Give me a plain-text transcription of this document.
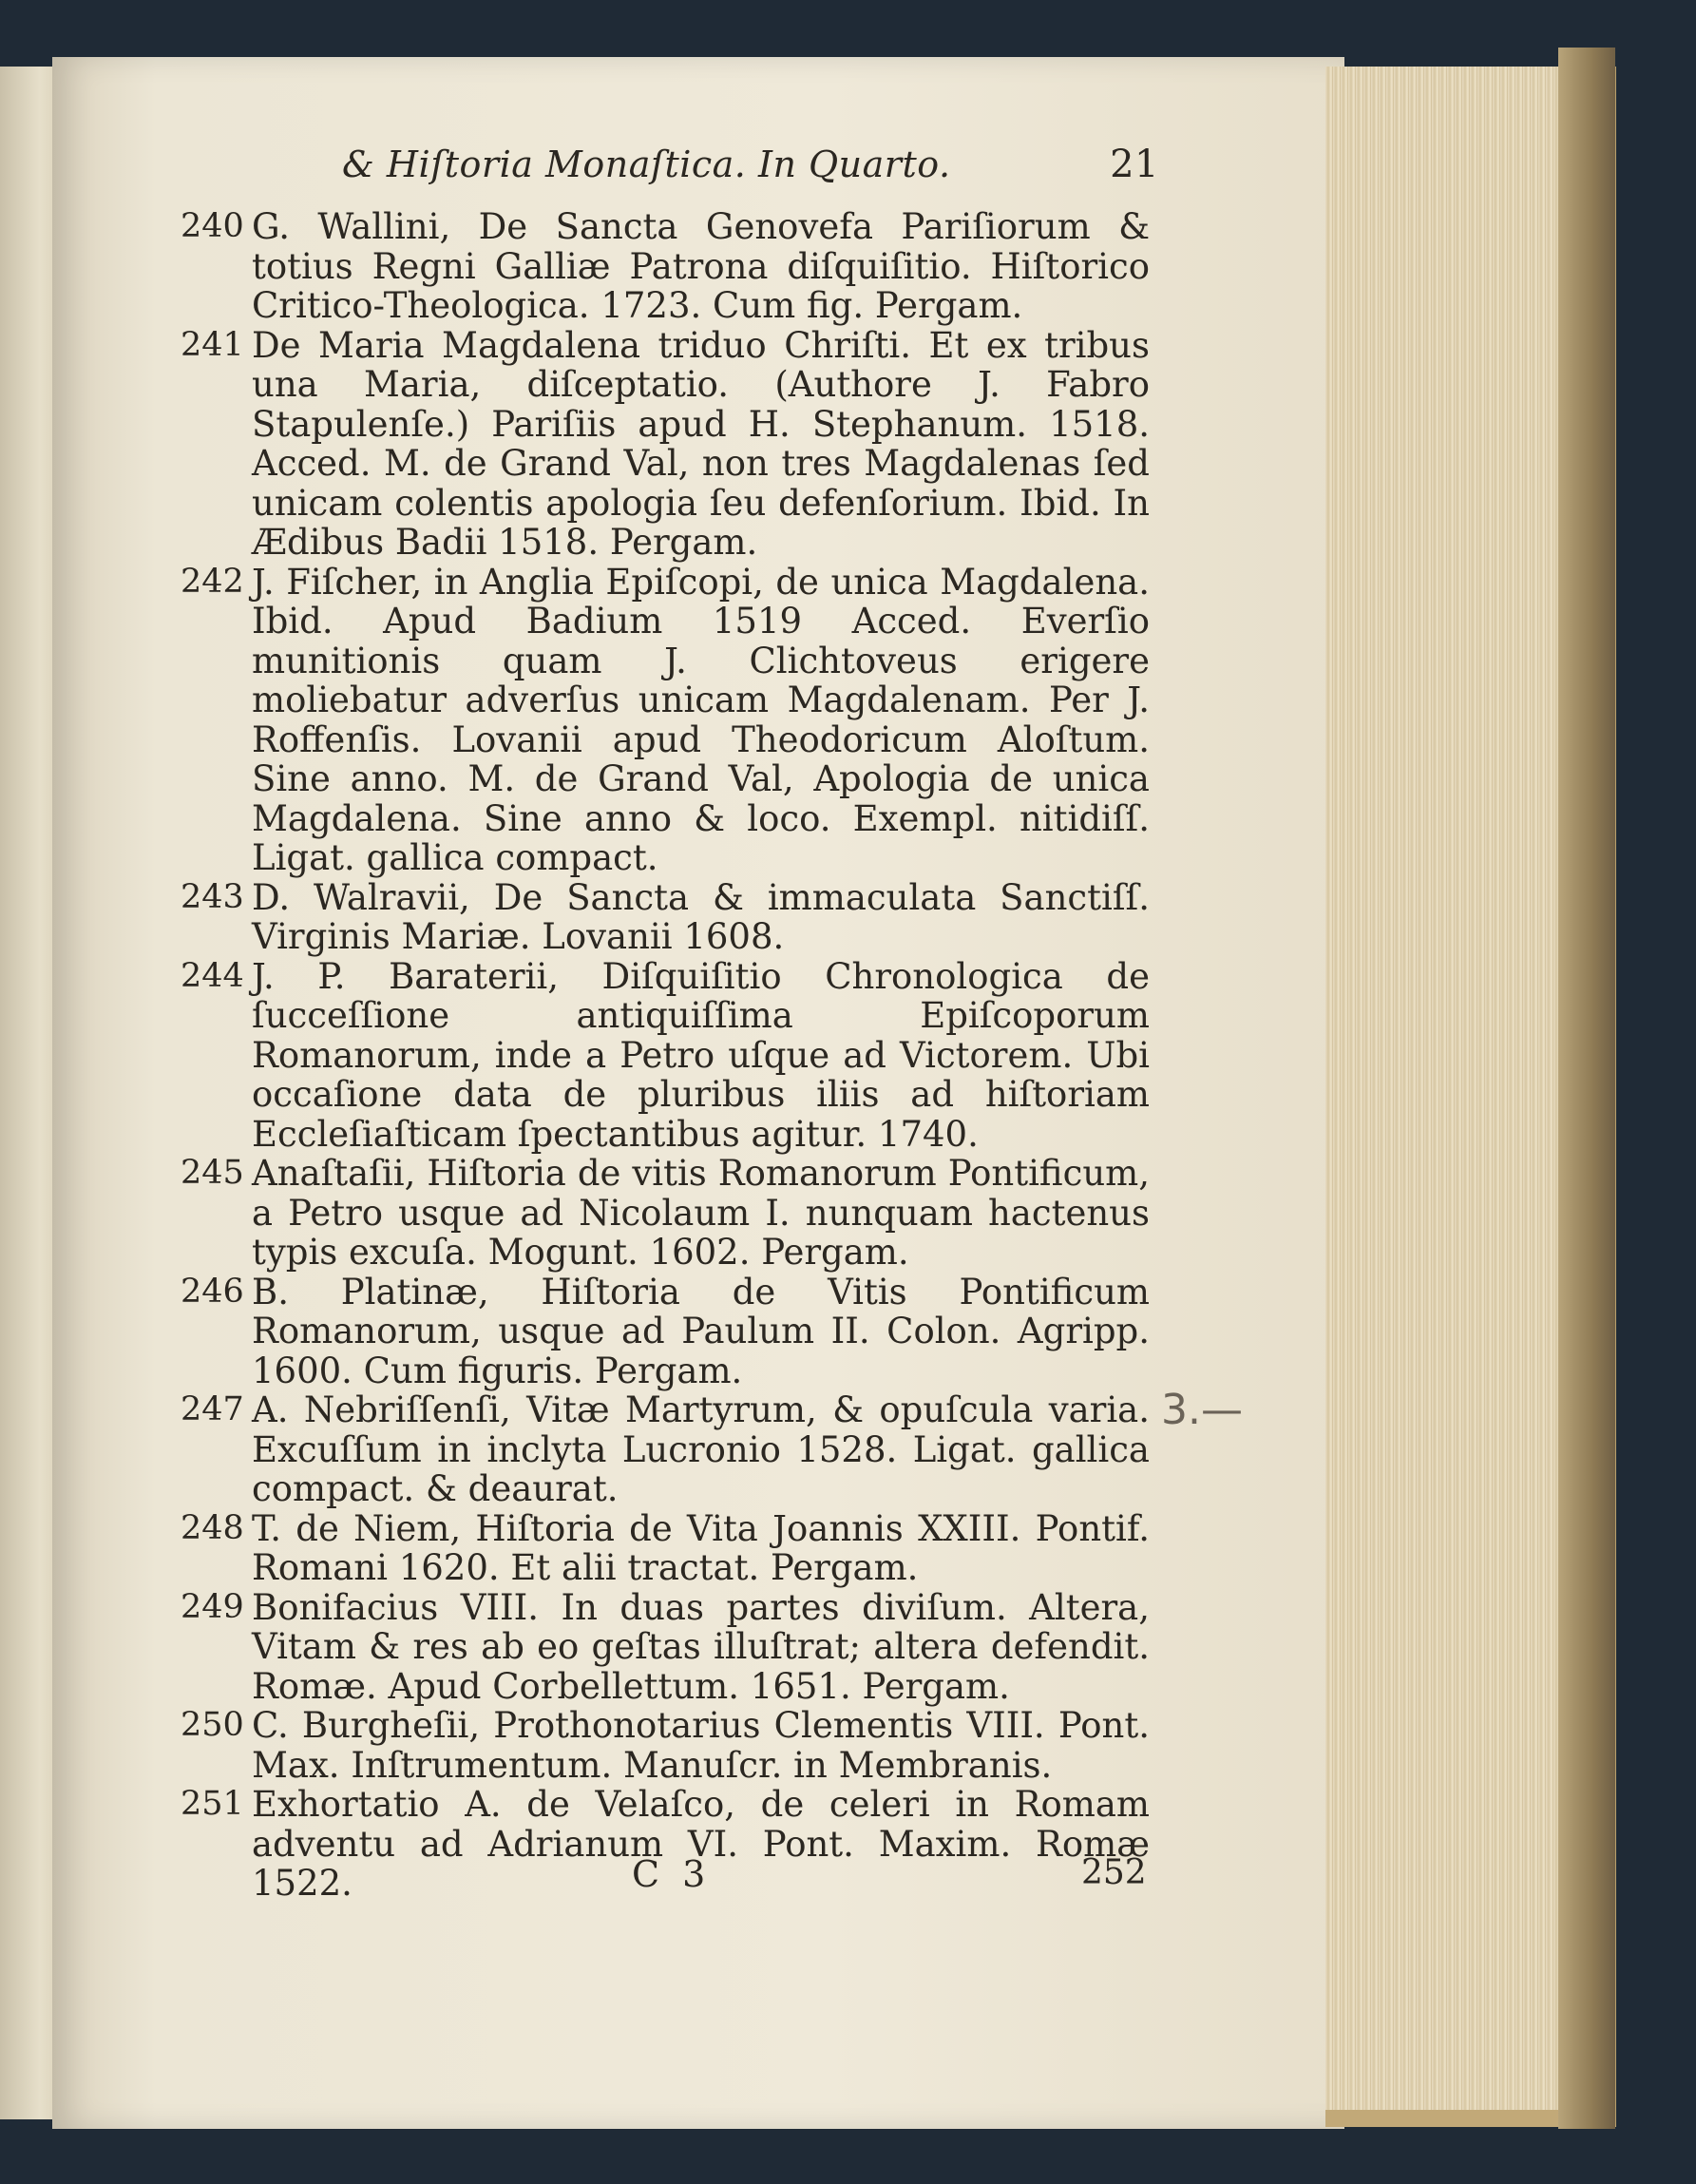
& Hiſtoria Monaſtica. In Quarto.	21
240 G. Wallini, De Sancta Genovefa Pariſiorum & totius Regni Galliæ Patrona diſquiſitio. Hiſtorico Critico-Theologica. 1723. Cum fig. Pergam.
241 De Maria Magdalena triduo Chriſti. Et ex tribus una Maria, diſceptatio. (Authore J. Fabro Stapulenſe.) Pariſiis apud H. Stephanum. 1518. Acced. M. de Grand Val, non tres Magdalenas ſed unicam colentis apologia ſeu defenſorium. Ibid. In Ædibus Badii 1518. Pergam.
242 J. Fiſcher, in Anglia Epiſcopi, de unica Magdalena. Ibid. Apud Badium 1519 Acced. Everſio munitionis quam J. Clichtoveus erigere moliebatur adverſus unicam Magdalenam. Per J. Roffenſis. Lovanii apud Theodoricum Aloſtum. Sine anno. M. de Grand Val, Apologia de unica Magdalena. Sine anno & loco. Exempl. nitidiſſ. Ligat. gallica compact.
243 D. Walravii, De Sancta & immaculata Sanctiſſ. Virginis Mariæ. Lovanii 1608.
244 J. P. Baraterii, Diſquiſitio Chronologica de ſucceſſione antiquiſſima Epiſcoporum Romanorum, inde a Petro uſque ad Victorem. Ubi occaſione data de pluribus iliis ad hiſtoriam Eccleſiaſticam ſpectantibus agitur. 1740.
245 Anaſtaſii, Hiſtoria de vitis Romanorum Pontificum, a Petro usque ad Nicolaum I. nunquam hactenus typis excuſa. Mogunt. 1602. Pergam.
246 B. Platinæ, Hiſtoria de Vitis Pontificum Romanorum, usque ad Paulum II. Colon. Agripp. 1600. Cum figuris. Pergam.
247 A. Nebriſſenſi, Vitæ Martyrum, & opuſcula varia. Excuſſum in inclyta Lucronio 1528. Ligat. gallica compact. & deaurat.
248 T. de Niem, Hiſtoria de Vita Joannis XXIII. Pontif. Romani 1620. Et alii tractat. Pergam.
249 Bonifacius VIII. In duas partes diviſum. Altera, Vitam & res ab eo geſtas illuſtrat; altera defendit. Romæ. Apud Corbellettum. 1651. Pergam.
250 C. Burgheſii, Prothonotarius Clementis VIII. Pont. Max. Inſtrumentum. Manuſcr. in Membranis.
251 Exhortatio A. de Velaſco, de celeri in Romam adventu ad Adrianum VI. Pont. Maxim. Romæ 1522.
3.—
C 3	252
